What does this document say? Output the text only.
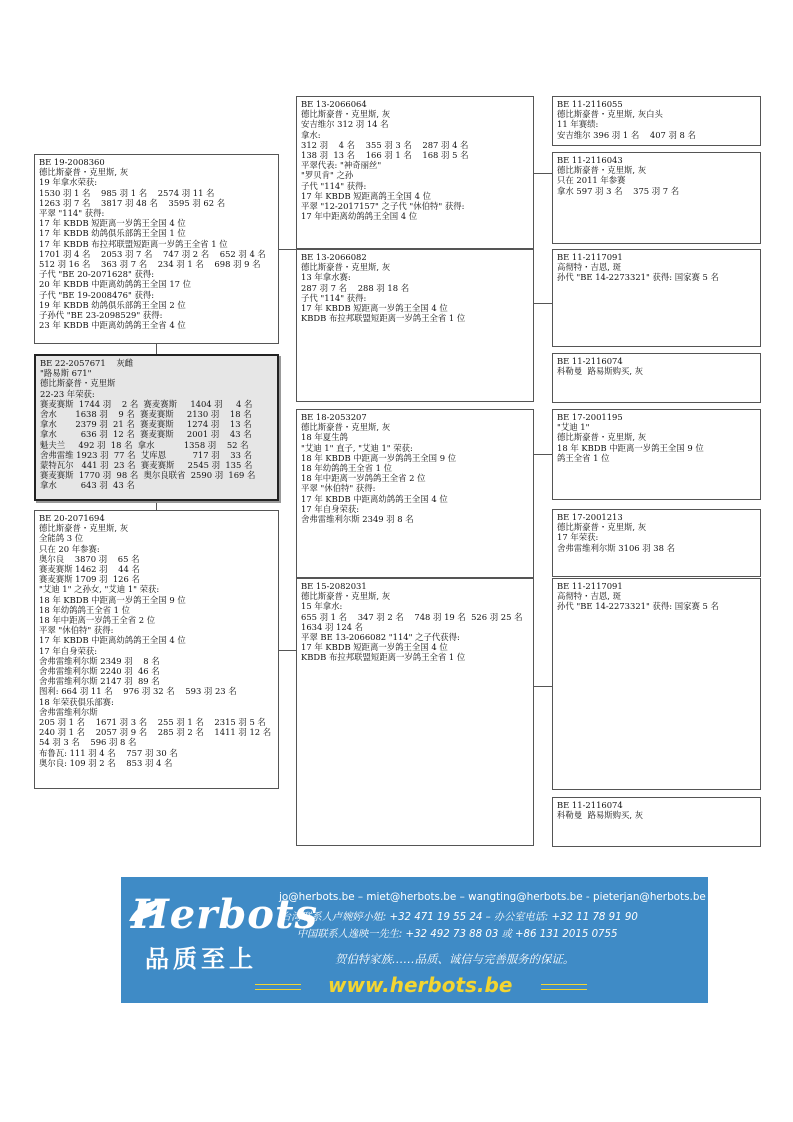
BE 19-2008360
德比斯豪普・克里斯, 灰
19 年拿水荣获:
1530 羽 1 名    985 羽 1 名    2574 羽 11 名
1263 羽 7 名    3817 羽 48 名    3595 羽 62 名
平翠 "114" 获得:
17 年 KBDB 短距离一岁鸽王全国 4 位
17 年 KBDB 幼鸽俱乐部鸽王全国 1 位
17 年 KBDB 布拉邦联盟短距离一岁鸽王全省 1 位
1701 羽 4 名    2053 羽 7 名    747 羽 2 名    652 羽 4 名
512 羽 16 名    363 羽 7 名    234 羽 1 名    698 羽 9 名
子代 "BE 20-2071628" 获得:
20 年 KBDB 中距离幼鸽鸽王全国 17 位
子代 "BE 19-2008476" 获得:
19 年 KBDB 幼鸽俱乐部鸽王全国 2 位
子孙代 "BE 23-2098529" 获得:
23 年 KBDB 中距离幼鸽鸽王全省 4 位
BE 22-2057671    灰雌
"路易斯 671"
德比斯豪普・克里斯
22-23 年荣获:
赛麦赛斯  1744 羽    2 名  赛麦赛斯     1404 羽     4 名
舍水       1638 羽    9 名  赛麦赛斯     2130 羽    18 名
拿水       2379 羽  21 名  赛麦赛斯     1274 羽    13 名
拿水         636 羽  12 名  赛麦赛斯     2001 羽    43 名
魁夫兰     492 羽  18 名  拿水           1358 羽    52 名
舍弗雷维 1923 羽  77 名  艾库恩          717 羽    33 名
蒙特瓦尔   441 羽  23 名  赛麦赛斯     2545 羽  135 名
赛麦赛斯  1770 羽  98 名  奥尔良联省  2590 羽  169 名
拿水         643 羽  43 名
BE 20-2071694
德比斯豪普・克里斯, 灰
全能鸽 3 位
只在 20 年参赛:
奥尔良    3870 羽    65 名
赛麦赛斯 1462 羽    44 名
赛麦赛斯 1709 羽  126 名
"艾迪 1" 之孙女, "艾迪 1" 荣获:
18 年 KBDB 中距离一岁鸽王全国 9 位
18 年幼鸽鸽王全省 1 位
18 年中距离一岁鸽王全省 2 位
平翠 "休伯特" 获得:
17 年 KBDB 中距离幼鸽鸽王全国 4 位
17 年自身荣获:
舍弗雷维利尔斯 2349 羽    8 名
舍弗雷维利尔斯 2240 羽  46 名
舍弗雷维利尔斯 2147 羽  89 名
图利: 664 羽 11 名    976 羽 32 名    593 羽 23 名
18 年荣获俱乐部赛:
舍弗雷维利尔斯
205 羽 1 名    1671 羽 3 名    255 羽 1 名    2315 羽 5 名
240 羽 1 名    2057 羽 9 名    285 羽 2 名    1411 羽 12 名
54 羽 3 名    596 羽 8 名
布鲁瓦: 111 羽 4 名    757 羽 30 名
奥尔良: 109 羽 2 名    853 羽 4 名
BE 13-2066064
德比斯豪普・克里斯, 灰
安吉维尔 312 羽 14 名
拿水:
312 羽    4 名    355 羽 3 名    287 羽 4 名
138 羽  13 名    166 羽 1 名    168 羽 5 名
平翠代表: "神奇丽丝"
"罗贝肯" 之孙
子代 "114" 获得:
17 年 KBDB 短距离鸽王全国 4 位
平翠 "12-2017157" 之子代 "休伯特" 获得:
17 年中距离幼鸽鸽王全国 4 位
BE 13-2066082
德比斯豪普・克里斯, 灰
13 年拿水赛:
287 羽 7 名    288 羽 18 名
子代 "114" 获得:
17 年 KBDB 短距离一岁鸽王全国 4 位
KBDB 布拉邦联盟短距离一岁鸽王全省 1 位
BE 18-2053207
德比斯豪普・克里斯, 灰
18 年夏生鸽
"艾迪 1" 直子, "艾迪 1" 荣获:
18 年 KBDB 中距离一岁鸽鸽王全国 9 位
18 年幼鸽鸽王全省 1 位
18 年中距离一岁鸽鸽王全省 2 位
平翠 "休伯特" 获得:
17 年 KBDB 中距离幼鸽鸽王全国 4 位
17 年自身荣获:
舍弗雷维利尔斯 2349 羽 8 名
BE 15-2082031
德比斯豪普・克里斯, 灰
15 年拿水:
655 羽 1 名    347 羽 2 名    748 羽 19 名  526 羽 25 名
1634 羽 124 名
平翠 BE 13-2066082 "114" 之子代获得:
17 年 KBDB 短距离一岁鸽王全国 4 位
KBDB 布拉邦联盟短距离一岁鸽王全省 1 位
BE 11-2116055
德比斯豪普・克里斯, 灰白头
11 年赛绩:
安吉维尔 396 羽 1 名    407 羽 8 名
BE 11-2116043
德比斯豪普・克里斯, 灰
只在 2011 年参赛
拿水 597 羽 3 名    375 羽 7 名
BE 11-2117091
高彻特・吉恩, 斑
孙代 "BE 14-2273321" 获得: 国家赛 5 名
BE 11-2116074
科勒曼  路易斯购买, 灰
BE 17-2001195
"艾迪 1"
德比斯豪普・克里斯, 灰
18 年 KBDB 中距离一岁鸽王全国 9 位
鸽王全省 1 位
BE 17-2001213
德比斯豪普・克里斯, 灰
17 年荣获:
舍弗雷维利尔斯 3106 羽 38 名
BE 11-2117091
高彻特・吉恩, 斑
孙代 "BE 14-2273321" 获得: 国家赛 5 名
BE 11-2116074
科勒曼  路易斯购买, 灰
Herbots
品质至上
jo@herbots.be – miet@herbots.be – wangting@herbots.be - pieterjan@herbots.be
台湾联系人卢婉婷小姐: +32 471 19 55 24 – 办公室电话: +32 11 78 91 90
中国联系人逸映一先生: +32 492 73 88 03 或 +86 131 2015 0755
贺伯特家族……品质、诚信与完善服务的保证。
www.herbots.be
